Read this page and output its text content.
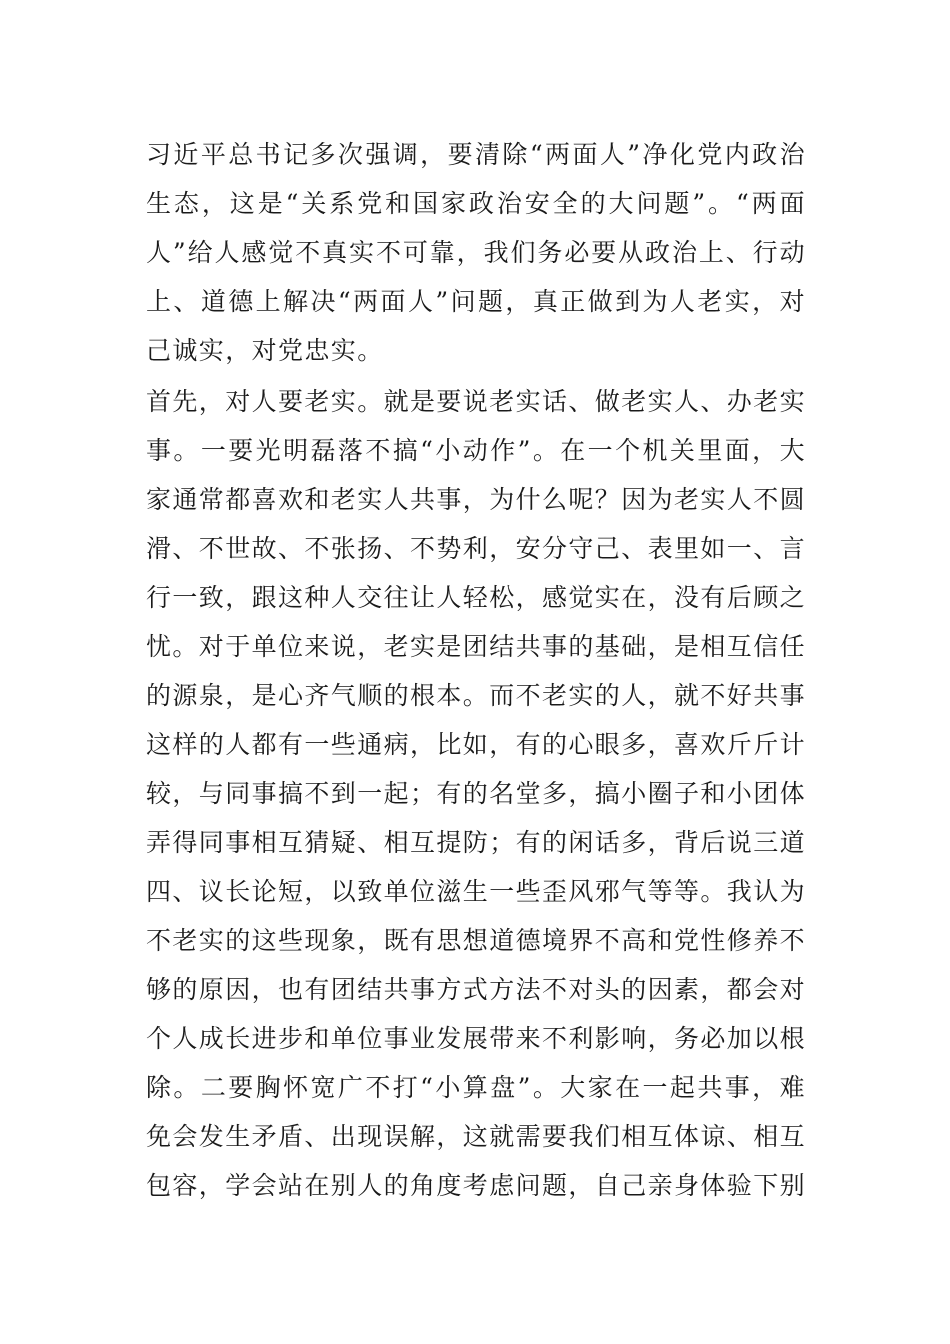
习近平总书记多次强调，要清除“两面人”净化党内政治
生态，这是“关系党和国家政治安全的大问题”。“两面
人”给人感觉不真实不可靠，我们务必要从政治上、行动
上、道德上解决“两面人”问题，真正做到为人老实，对
己诚实，对党忠实。
首先，对人要老实。就是要说老实话、做老实人、办老实
事。一要光明磊落不搞“小动作”。在一个机关里面，大
家通常都喜欢和老实人共事，为什么呢？因为老实人不圆
滑、不世故、不张扬、不势利，安分守己、表里如一、言
行一致，跟这种人交往让人轻松，感觉实在，没有后顾之
忧。对于单位来说，老实是团结共事的基础，是相互信任
的源泉，是心齐气顺的根本。而不老实的人，就不好共事
这样的人都有一些通病，比如，有的心眼多，喜欢斤斤计
较，与同事搞不到一起；有的名堂多，搞小圈子和小团体
弄得同事相互猜疑、相互提防；有的闲话多，背后说三道
四、议长论短，以致单位滋生一些歪风邪气等等。我认为
不老实的这些现象，既有思想道德境界不高和党性修养不
够的原因，也有团结共事方式方法不对头的因素，都会对
个人成长进步和单位事业发展带来不利影响，务必加以根
除。二要胸怀宽广不打“小算盘”。大家在一起共事，难
免会发生矛盾、出现误解，这就需要我们相互体谅、相互
包容，学会站在别人的角度考虑问题，自己亲身体验下别
